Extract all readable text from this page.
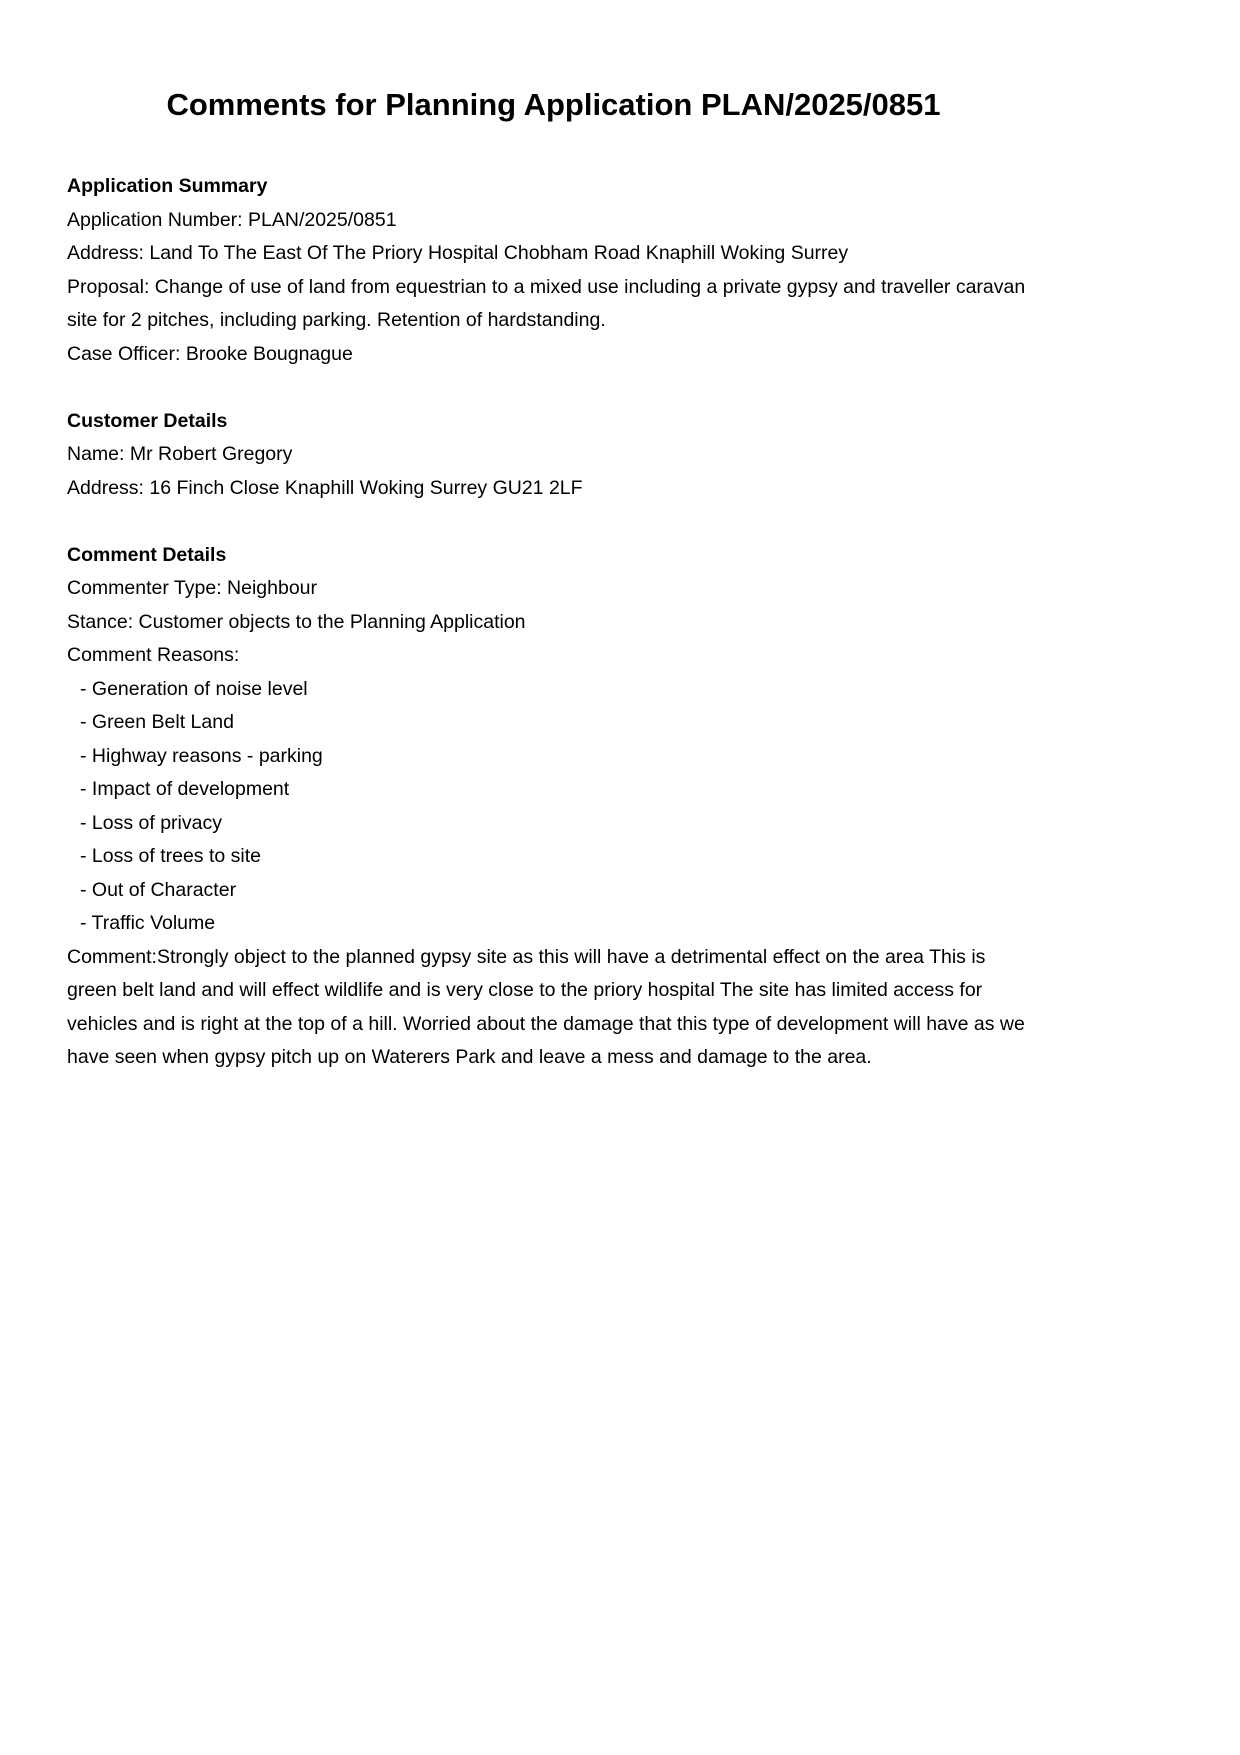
Comments for Planning Application PLAN/2025/0851
Application Summary

Application Number: PLAN/2025/0851

Address: Land To The East Of The Priory Hospital Chobham Road Knaphill Woking Surrey

Proposal: Change of use of land from equestrian to a mixed use including a private gypsy and traveller caravan site for 2 pitches, including parking. Retention of hardstanding.

Case Officer: Brooke Bougnague

Customer Details

Name: Mr Robert Gregory

Address: 16 Finch Close Knaphill Woking Surrey GU21 2LF

Comment Details

Commenter Type: Neighbour

Stance: Customer objects to the Planning Application

Comment Reasons:

- Generation of noise level
- Green Belt Land
- Highway reasons - parking
- Impact of development
- Loss of privacy
- Loss of trees to site
- Out of Character
- Traffic Volume

Comment:Strongly object to the planned gypsy site as this will have a detrimental effect on the area This is green belt land and will effect wildlife and is very close to the priory hospital The site has limited access for vehicles and is right at the top of a hill. Worried about the damage that this type of development will have as we have seen when gypsy pitch up on Waterers Park and leave a mess and damage to the area.
